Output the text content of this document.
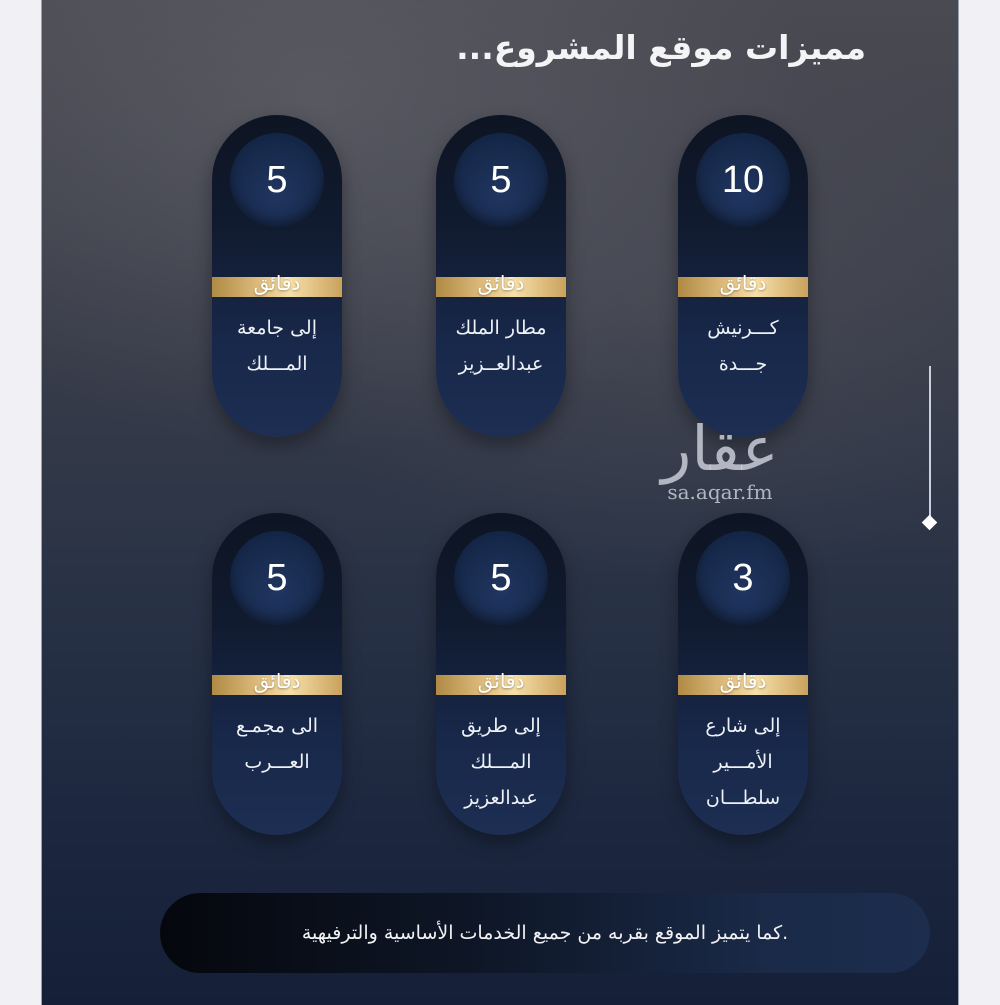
مميزات موقع المشروع...
10
دقائق
كـــرنيش
جـــدة
5
دقائق
مطار الملك
عبدالعــزيز
5
دقائق
إلى جامعة
المـــلك
3
دقائق
إلى شارع
الأمـــير
سلطـــان
5
دقائق
إلى طريق
المـــلك
عبدالعزيز
5
دقائق
الى مجمـع
العـــرب
عقار
sa.aqar.fm
.كما يتميز الموقع بقربه من جميع الخدمات الأساسية والترفيهية
